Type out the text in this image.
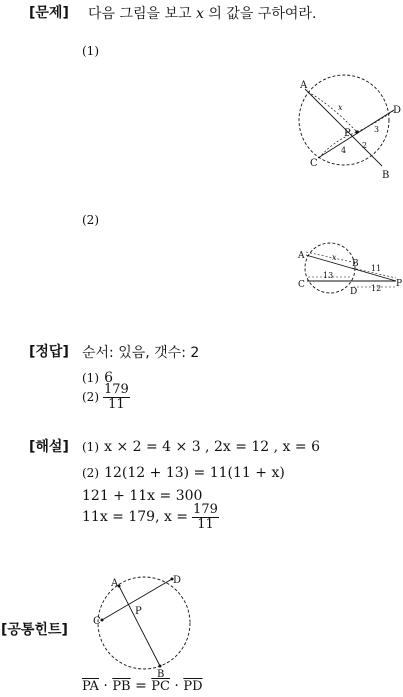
[문제] 다음 그림을 보고 x 의 값을 구하여라.
(1)
A
B
C
D
P
x
3
4
2
(2)
A
B
C
D
P
x
11
13
12
[정답] 순서: 있음, 갯수: 2
(1) 6
$(2) \frac{179}{11}$
[해설] (1) x × 2 = 4 × 3 , 2x = 12 , x = 6
(2) 12(12 + 13) = 11(11 + x)
121 + 11x = 300
11x = 179, $x = \frac{179}{11}$
[공통힌트]
A
B
C
D
P
$\overline{PA} \cdot \overline{PB} = \overline{PC} \cdot \overline{PD}$
